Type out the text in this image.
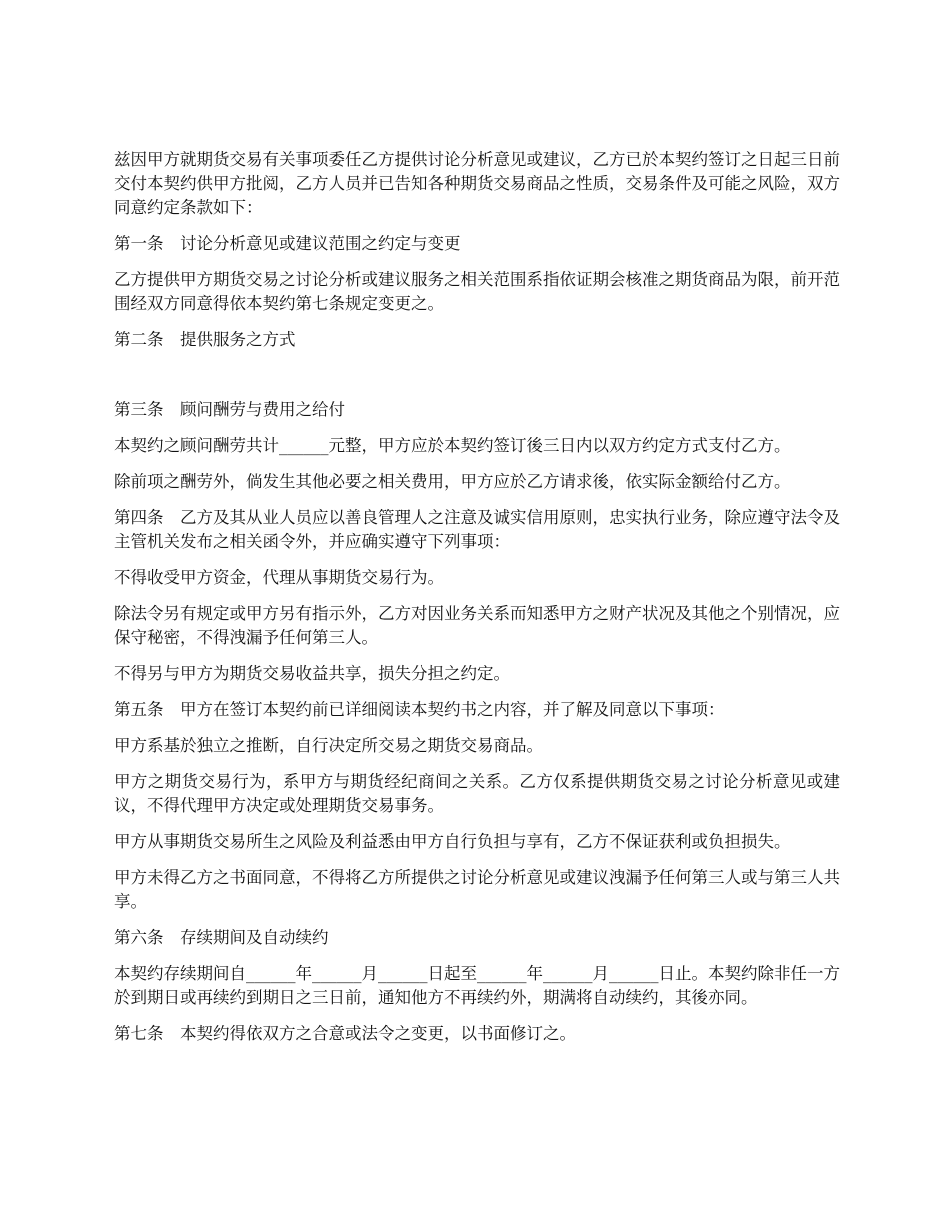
兹因甲方就期货交易有关事项委任乙方提供讨论分析意见或建议，乙方已於本契约签订之日起三日前交付本契约供甲方批阅，乙方人员并已告知各种期货交易商品之性质，交易条件及可能之风险，双方同意约定条款如下：

第一条　讨论分析意见或建议范围之约定与变更

乙方提供甲方期货交易之讨论分析或建议服务之相关范围系指依证期会核准之期货商品为限，前开范围经双方同意得依本契约第七条规定变更之。

第二条　提供服务之方式

第三条　顾问酬劳与费用之给付

本契约之顾问酬劳共计______元整，甲方应於本契约签订後三日内以双方约定方式支付乙方。

除前项之酬劳外，倘发生其他必要之相关费用，甲方应於乙方请求後，依实际金额给付乙方。

第四条　乙方及其从业人员应以善良管理人之注意及诚实信用原则，忠实执行业务，除应遵守法令及主管机关发布之相关函令外，并应确实遵守下列事项：

不得收受甲方资金，代理从事期货交易行为。

除法令另有规定或甲方另有指示外，乙方对因业务关系而知悉甲方之财产状况及其他之个别情况，应保守秘密，不得洩漏予任何第三人。

不得另与甲方为期货交易收益共享，损失分担之约定。

第五条　甲方在签订本契约前已详细阅读本契约书之内容，并了解及同意以下事项：

甲方系基於独立之推断，自行决定所交易之期货交易商品。

甲方之期货交易行为，系甲方与期货经纪商间之关系。乙方仅系提供期货交易之讨论分析意见或建议，不得代理甲方决定或处理期货交易事务。

甲方从事期货交易所生之风险及利益悉由甲方自行负担与享有，乙方不保证获利或负担损失。

甲方未得乙方之书面同意，不得将乙方所提供之讨论分析意见或建议洩漏予任何第三人或与第三人共享。

第六条　存续期间及自动续约

本契约存续期间自______年______月______日起至______年______月______日止。本契约除非任一方於到期日或再续约到期日之三日前，通知他方不再续约外，期满将自动续约，其後亦同。

第七条　本契约得依双方之合意或法令之变更，以书面修订之。
